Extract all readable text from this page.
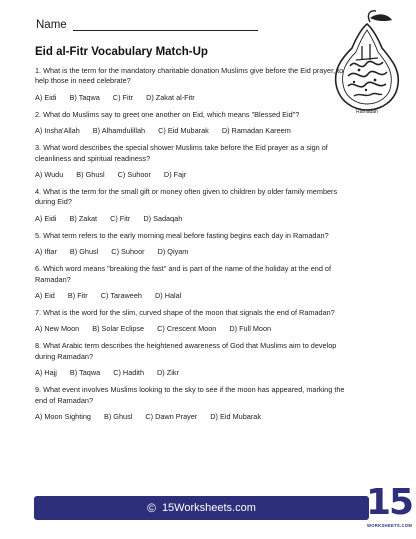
Name
Eid al-Fitr Vocabulary Match-Up
Ramadan
1. What is the term for the mandatory charitable donation Muslims give before the Eid prayer, to help those in need celebrate?
A) Eidi B) Taqwa C) Fitr D) Zakat al-Fitr
2. What do Muslims say to greet one another on Eid, which means "Blessed Eid"?
A) Insha'Allah B) Alhamdulillah C) Eid Mubarak D) Ramadan Kareem
3. What word describes the special shower Muslims take before the Eid prayer as a sign of cleanliness and spiritual readiness?
A) Wudu B) Ghusl C) Suhoor D) Fajr
4. What is the term for the small gift or money often given to children by older family members during Eid?
A) Eidi B) Zakat C) Fitr D) Sadaqah
5. What term refers to the early morning meal before fasting begins each day in Ramadan?
A) Iftar B) Ghusl C) Suhoor D) Qiyam
6. Which word means "breaking the fast" and is part of the name of the holiday at the end of Ramadan?
A) Eid B) Fitr C) Taraweeh D) Halal
7. What is the word for the slim, curved shape of the moon that signals the end of Ramadan?
A) New Moon B) Solar Eclipse C) Crescent Moon D) Full Moon
8. What Arabic term describes the heightened awareness of God that Muslims aim to develop during Ramadan?
A) Hajj B) Taqwa C) Hadith D) Zikr
9. What event involves Muslims looking to the sky to see if the moon has appeared, marking the end of Ramadan?
A) Moon Sighting B) Ghusl C) Dawn Prayer D) Eid Mubarak
© 15Worksheets.com	15
WORKSHEETS.COM
